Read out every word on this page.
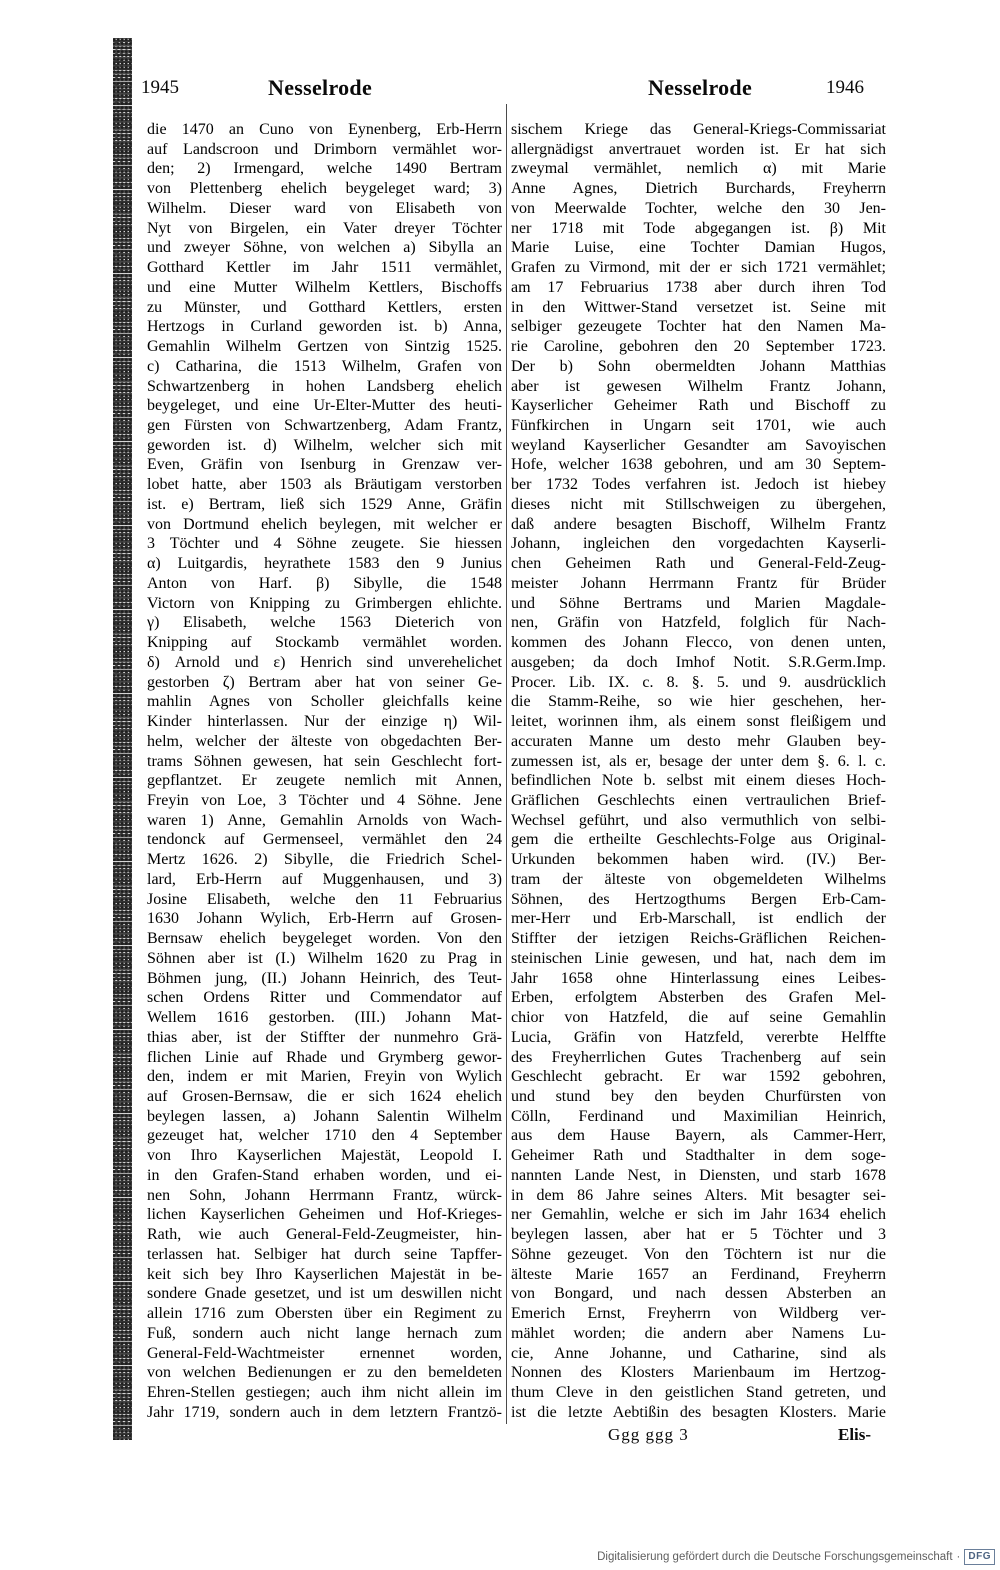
1945	Nesselrode	Nesselrode	1946
die 1470 an Cuno von Eynenberg, Erb-Herrn
auf Landscroon und Drimborn vermählet wor-
den; 2) Irmengard, welche 1490 Bertram
von Plettenberg ehelich beygeleget ward; 3)
Wilhelm. Dieser ward von Elisabeth von
Nyt von Birgelen, ein Vater dreyer Töchter
und zweyer Söhne, von welchen a) Sibylla an
Gotthard Kettler im Jahr 1511 vermählet,
und eine Mutter Wilhelm Kettlers, Bischoffs
zu Münster, und Gotthard Kettlers, ersten
Hertzogs in Curland geworden ist. b) Anna,
Gemahlin Wilhelm Gertzen von Sintzig 1525.
c) Catharina, die 1513 Wilhelm, Grafen von
Schwartzenberg in hohen Landsberg ehelich
beygeleget, und eine Ur-Elter-Mutter des heuti-
gen Fürsten von Schwartzenberg, Adam Frantz,
geworden ist. d) Wilhelm, welcher sich mit
Even, Gräfin von Isenburg in Grenzaw ver-
lobet hatte, aber 1503 als Bräutigam verstorben
ist. e) Bertram, ließ sich 1529 Anne, Gräfin
von Dortmund ehelich beylegen, mit welcher er
3 Töchter und 4 Söhne zeugete. Sie hiessen
α) Luitgardis, heyrathete 1583 den 9 Junius
Anton von Harf. β) Sibylle, die 1548
Victorn von Knipping zu Grimbergen ehlichte.
γ) Elisabeth, welche 1563 Dieterich von
Knipping auf Stockamb vermählet worden.
δ) Arnold und ε) Henrich sind unverehelichet
gestorben ζ) Bertram aber hat von seiner Ge-
mahlin Agnes von Scholler gleichfalls keine
Kinder hinterlassen. Nur der einzige η) Wil-
helm, welcher der älteste von obgedachten Ber-
trams Söhnen gewesen, hat sein Geschlecht fort-
gepflantzet. Er zeugete nemlich mit Annen,
Freyin von Loe, 3 Töchter und 4 Söhne. Jene
waren 1) Anne, Gemahlin Arnolds von Wach-
tendonck auf Germenseel, vermählet den 24
Mertz 1626. 2) Sibylle, die Friedrich Schel-
lard, Erb-Herrn auf Muggenhausen, und 3)
Josine Elisabeth, welche den 11 Februarius
1630 Johann Wylich, Erb-Herrn auf Grosen-
Bernsaw ehelich beygeleget worden. Von den
Söhnen aber ist (I.) Wilhelm 1620 zu Prag in
Böhmen jung, (II.) Johann Heinrich, des Teut-
schen Ordens Ritter und Commendator auf
Wellem 1616 gestorben. (III.) Johann Mat-
thias aber, ist der Stiffter der nunmehro Grä-
flichen Linie auf Rhade und Grymberg gewor-
den, indem er mit Marien, Freyin von Wylich
auf Grosen-Bernsaw, die er sich 1624 ehelich
beylegen lassen, a) Johann Salentin Wilhelm
gezeuget hat, welcher 1710 den 4 September
von Ihro Kayserlichen Majestät, Leopold I.
in den Grafen-Stand erhaben worden, und ei-
nen Sohn, Johann Herrmann Frantz, würck-
lichen Kayserlichen Geheimen und Hof-Krieges-
Rath, wie auch General-Feld-Zeugmeister, hin-
terlassen hat. Selbiger hat durch seine Tapffer-
keit sich bey Ihro Kayserlichen Majestät in be-
sondere Gnade gesetzet, und ist um deswillen nicht
allein 1716 zum Obersten über ein Regiment zu
Fuß, sondern auch nicht lange hernach zum
General-Feld-Wachtmeister ernennet worden,
von welchen Bedienungen er zu den bemeldeten
Ehren-Stellen gestiegen; auch ihm nicht allein im
Jahr 1719, sondern auch in dem letztern Frantzö-
sischem Kriege das General-Kriegs-Commissariat
allergnädigst anvertrauet worden ist. Er hat sich
zweymal vermählet, nemlich α) mit Marie
Anne Agnes, Dietrich Burchards, Freyherrn
von Meerwalde Tochter, welche den 30 Jen-
ner 1718 mit Tode abgegangen ist. β) Mit
Marie Luise, eine Tochter Damian Hugos,
Grafen zu Virmond, mit der er sich 1721 vermählet;
am 17 Februarius 1738 aber durch ihren Tod
in den Wittwer-Stand versetzet ist. Seine mit
selbiger gezeugete Tochter hat den Namen Ma-
rie Caroline, gebohren den 20 September 1723.
Der b) Sohn obermeldten Johann Matthias
aber ist gewesen Wilhelm Frantz Johann,
Kayserlicher Geheimer Rath und Bischoff zu
Fünfkirchen in Ungarn seit 1701, wie auch
weyland Kayserlicher Gesandter am Savoyischen
Hofe, welcher 1638 gebohren, und am 30 Septem-
ber 1732 Todes verfahren ist. Jedoch ist hiebey
dieses nicht mit Stillschweigen zu übergehen,
daß andere besagten Bischoff, Wilhelm Frantz
Johann, ingleichen den vorgedachten Kayserli-
chen Geheimen Rath und General-Feld-Zeug-
meister Johann Herrmann Frantz für Brüder
und Söhne Bertrams und Marien Magdale-
nen, Gräfin von Hatzfeld, folglich für Nach-
kommen des Johann Flecco, von denen unten,
ausgeben; da doch Imhof Notit. S.R.Germ.Imp.
Procer. Lib. IX. c. 8. §. 5. und 9. ausdrücklich
die Stamm-Reihe, so wie hier geschehen, her-
leitet, worinnen ihm, als einem sonst fleißigem und
accuraten Manne um desto mehr Glauben bey-
zumessen ist, als er, besage der unter dem §. 6. l. c.
befindlichen Note b. selbst mit einem dieses Hoch-
Gräflichen Geschlechts einen vertraulichen Brief-
Wechsel geführt, und also vermuthlich von selbi-
gem die ertheilte Geschlechts-Folge aus Original-
Urkunden bekommen haben wird. (IV.) Ber-
tram der älteste von obgemeldeten Wilhelms
Söhnen, des Hertzogthums Bergen Erb-Cam-
mer-Herr und Erb-Marschall, ist endlich der
Stiffter der ietzigen Reichs-Gräflichen Reichen-
steinischen Linie gewesen, und hat, nach dem im
Jahr 1658 ohne Hinterlassung eines Leibes-
Erben, erfolgtem Absterben des Grafen Mel-
chior von Hatzfeld, die auf seine Gemahlin
Lucia, Gräfin von Hatzfeld, vererbte Helffte
des Freyherrlichen Gutes Trachenberg auf sein
Geschlecht gebracht. Er war 1592 gebohren,
und stund bey den beyden Churfürsten von
Cölln, Ferdinand und Maximilian Heinrich,
aus dem Hause Bayern, als Cammer-Herr,
Geheimer Rath und Stadthalter in dem soge-
nannten Lande Nest, in Diensten, und starb 1678
in dem 86 Jahre seines Alters. Mit besagter sei-
ner Gemahlin, welche er sich im Jahr 1634 ehelich
beylegen lassen, aber hat er 5 Töchter und 3
Söhne gezeuget. Von den Töchtern ist nur die
älteste Marie 1657 an Ferdinand, Freyherrn
von Bongard, und nach dessen Absterben an
Emerich Ernst, Freyherrn von Wildberg ver-
mählet worden; die andern aber Namens Lu-
cie, Anne Johanne, und Catharine, sind als
Nonnen des Klosters Marienbaum im Hertzog-
thum Cleve in den geistlichen Stand getreten, und
ist die letzte Aebtißin des besagten Klosters. Marie
Ggg ggg 3	Elis-
Digitalisierung gefördert durch die Deutsche Forschungsgemeinschaft · DFG
